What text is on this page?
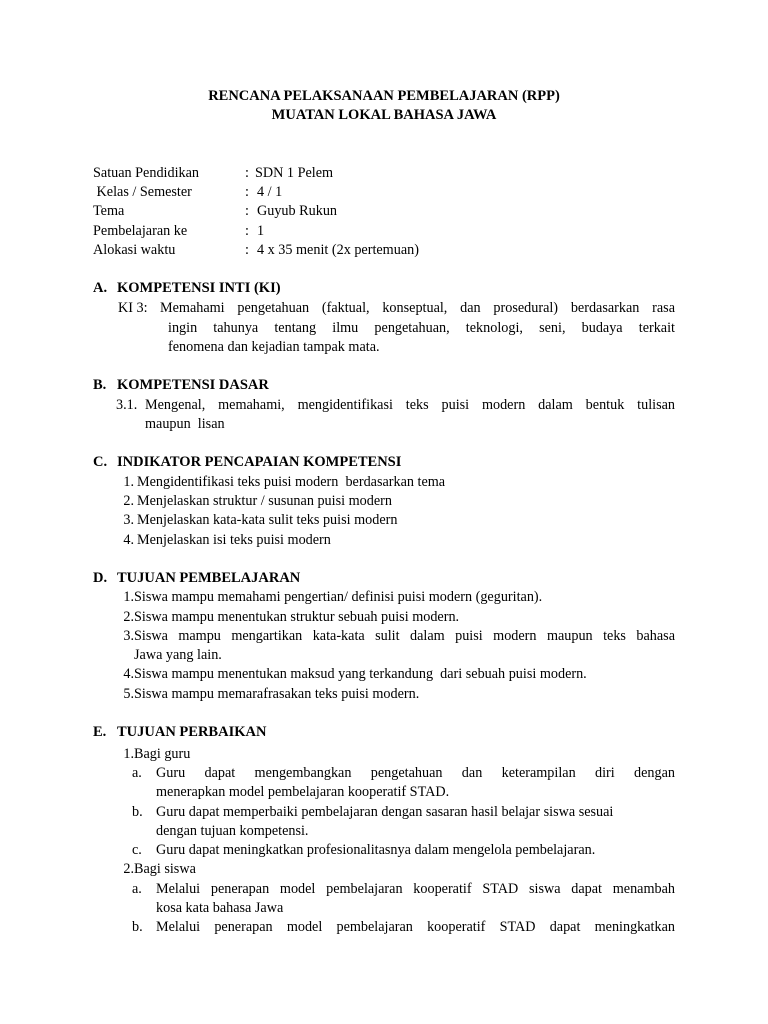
RENCANA PELAKSANAAN PEMBELAJARAN (RPP)
MUATAN LOKAL BAHASA JAWA
Satuan Pendidikan	: SDN 1 Pelem
Kelas / Semester	: 4 / 1
Tema	: Guyub Rukun
Pembelajaran ke	: 1
Alokasi waktu	: 4 x 35 menit (2x pertemuan)
A. KOMPETENSI INTI (KI)
KI 3: Memahami pengetahuan (faktual, konseptual, dan prosedural) berdasarkan rasa
ingin tahunya tentang ilmu pengetahuan, teknologi, seni, budaya terkait
fenomena dan kejadian tampak mata.
B. KOMPETENSI DASAR
3.1. Mengenal, memahami, mengidentifikasi teks puisi modern dalam bentuk tulisan
maupun  lisan
C. INDIKATOR PENCAPAIAN KOMPETENSI
1. Mengidentifikasi teks puisi modern  berdasarkan tema
2. Menjelaskan struktur / susunan puisi modern
3. Menjelaskan kata-kata sulit teks puisi modern
4. Menjelaskan isi teks puisi modern
D. TUJUAN PEMBELAJARAN
1. Siswa mampu memahami pengertian/ definisi puisi modern (geguritan).
2. Siswa mampu menentukan struktur sebuah puisi modern.
3. Siswa mampu mengartikan kata-kata sulit dalam puisi modern maupun teks bahasa
Jawa yang lain.
4. Siswa mampu menentukan maksud yang terkandung  dari sebuah puisi modern.
5. Siswa mampu memarafrasakan teks puisi modern.
E. TUJUAN PERBAIKAN
1. Bagi guru
a. Guru dapat mengembangkan pengetahuan dan keterampilan diri dengan
menerapkan model pembelajaran kooperatif STAD.
b. Guru dapat memperbaiki pembelajaran dengan sasaran hasil belajar siswa sesuai
dengan tujuan kompetensi.
c. Guru dapat meningkatkan profesionalitasnya dalam mengelola pembelajaran.
2. Bagi siswa
a. Melalui penerapan model pembelajaran kooperatif STAD siswa dapat menambah
kosa kata bahasa Jawa
b. Melalui penerapan model pembelajaran kooperatif STAD dapat meningkatkan
